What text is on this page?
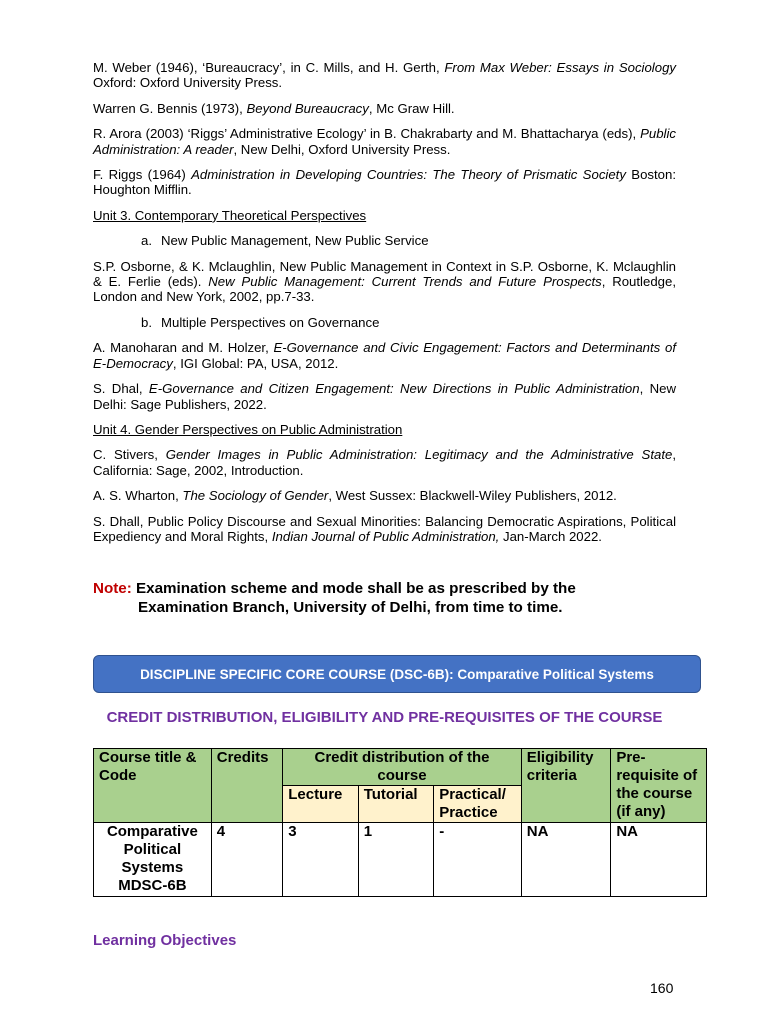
M. Weber (1946), ‘Bureaucracy’, in C. Mills, and H. Gerth, From Max Weber: Essays in Sociology Oxford: Oxford University Press.

Warren G. Bennis (1973), Beyond Bureaucracy, Mc Graw Hill.

R. Arora (2003) ‘Riggs’ Administrative Ecology’ in B. Chakrabarty and M. Bhattacharya (eds), Public Administration: A reader, New Delhi, Oxford University Press.

F. Riggs (1964) Administration in Developing Countries: The Theory of Prismatic Society Boston: Houghton Mifflin.

Unit 3. Contemporary Theoretical Perspectives

a. New Public Management, New Public Service

S.P. Osborne, & K. Mclaughlin, New Public Management in Context in S.P. Osborne, K. Mclaughlin & E. Ferlie (eds). New Public Management: Current Trends and Future Prospects, Routledge, London and New York, 2002, pp.7-33.

b. Multiple Perspectives on Governance

A. Manoharan and M. Holzer, E-Governance and Civic Engagement: Factors and Determinants of E-Democracy, IGI Global: PA, USA, 2012.

S. Dhal, E-Governance and Citizen Engagement: New Directions in Public Administration, New Delhi: Sage Publishers, 2022.

Unit 4. Gender Perspectives on Public Administration

C. Stivers, Gender Images in Public Administration: Legitimacy and the Administrative State, California: Sage, 2002, Introduction.

A. S. Wharton, The Sociology of Gender, West Sussex: Blackwell-Wiley Publishers, 2012.

S. Dhall, Public Policy Discourse and Sexual Minorities: Balancing Democratic Aspirations, Political Expediency and Moral Rights, Indian Journal of Public Administration, Jan-March 2022.

Note: Examination scheme and mode shall be as prescribed by the
Examination Branch, University of Delhi, from time to time.
DISCIPLINE SPECIFIC CORE COURSE (DSC-6B): Comparative Political Systems
CREDIT DISTRIBUTION, ELIGIBILITY AND PRE-REQUISITES OF THE COURSE
Course title & Code	Credits	Credit distribution of the course			Eligibility criteria	Pre-requisite of the course (if any)
		Lecture	Tutorial	Practical/ Practice		
Comparative Political Systems MDSC-6B	4	3	1	-	NA	NA
Learning Objectives
160
